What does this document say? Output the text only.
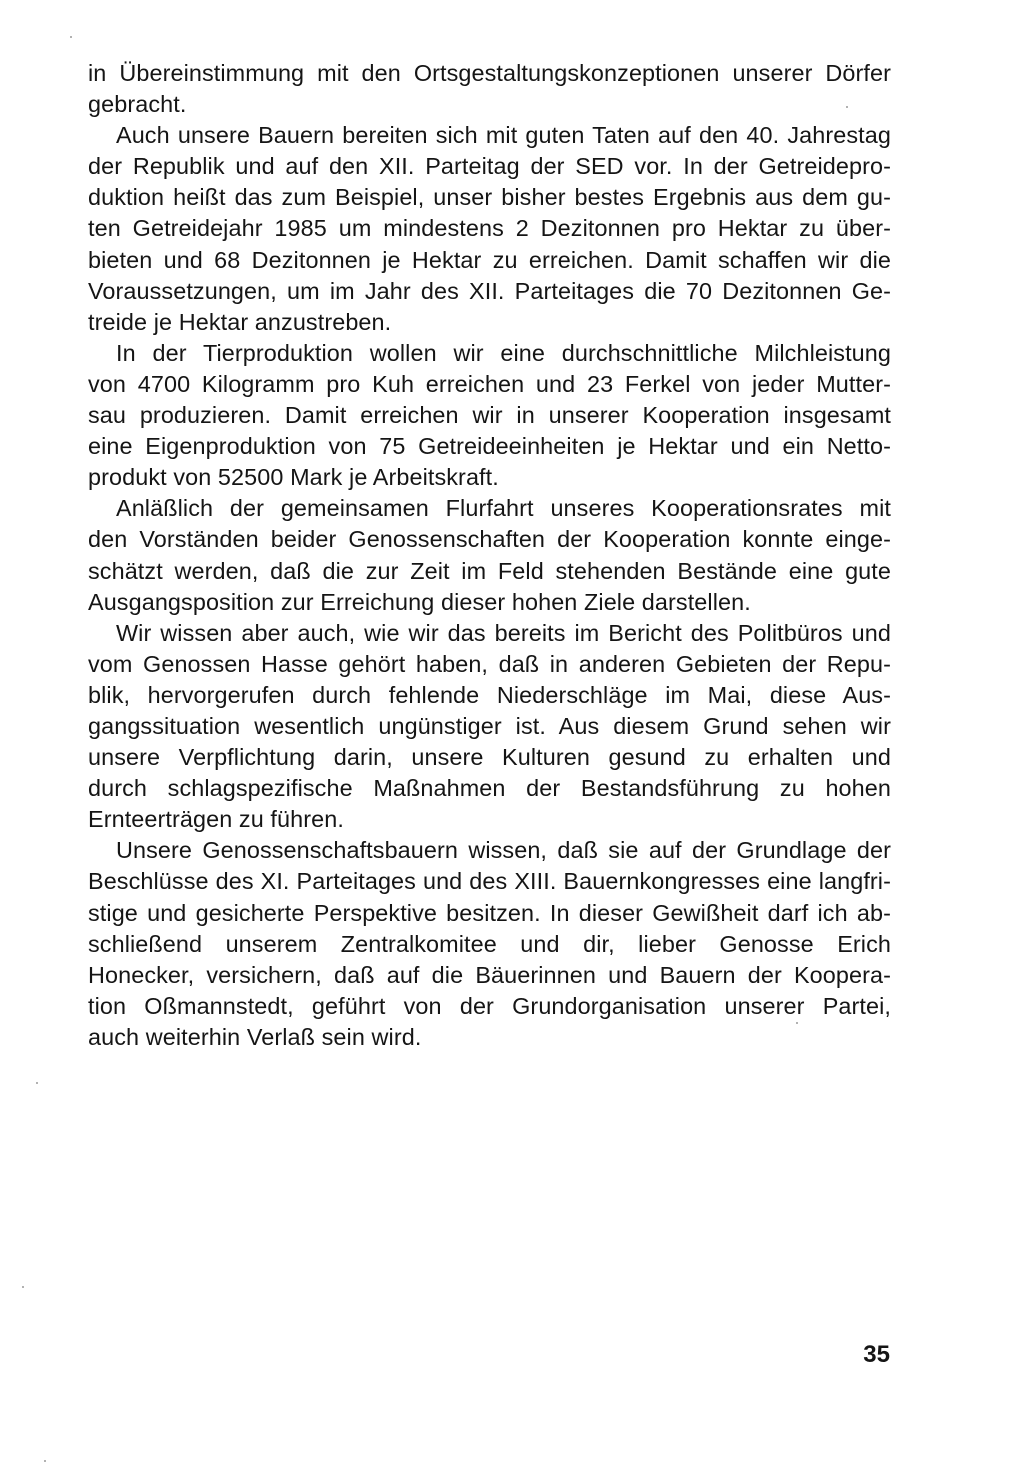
in Übereinstimmung mit den Ortsgestaltungskonzeptionen unserer Dörfer
gebracht.
Auch unsere Bauern bereiten sich mit guten Taten auf den 40. Jahrestag
der Republik und auf den XII. Parteitag der SED vor. In der Getreidepro-
duktion heißt das zum Beispiel, unser bisher bestes Ergebnis aus dem gu-
ten Getreidejahr 1985 um mindestens 2 Dezitonnen pro Hektar zu über-
bieten und 68 Dezitonnen je Hektar zu erreichen. Damit schaffen wir die
Voraussetzungen, um im Jahr des XII. Parteitages die 70 Dezitonnen Ge-
treide je Hektar anzustreben.
In der Tierproduktion wollen wir eine durchschnittliche Milchleistung
von 4700 Kilogramm pro Kuh erreichen und 23 Ferkel von jeder Mutter-
sau produzieren. Damit erreichen wir in unserer Kooperation insgesamt
eine Eigenproduktion von 75 Getreideeinheiten je Hektar und ein Netto-
produkt von 52500 Mark je Arbeitskraft.
Anläßlich der gemeinsamen Flurfahrt unseres Kooperationsrates mit
den Vorständen beider Genossenschaften der Kooperation konnte einge-
schätzt werden, daß die zur Zeit im Feld stehenden Bestände eine gute
Ausgangsposition zur Erreichung dieser hohen Ziele darstellen.
Wir wissen aber auch, wie wir das bereits im Bericht des Politbüros und
vom Genossen Hasse gehört haben, daß in anderen Gebieten der Repu-
blik, hervorgerufen durch fehlende Niederschläge im Mai, diese Aus-
gangssituation wesentlich ungünstiger ist. Aus diesem Grund sehen wir
unsere Verpflichtung darin, unsere Kulturen gesund zu erhalten und
durch schlagspezifische Maßnahmen der Bestandsführung zu hohen
Ernteerträgen zu führen.
Unsere Genossenschaftsbauern wissen, daß sie auf der Grundlage der
Beschlüsse des XI. Parteitages und des XIII. Bauernkongresses eine langfri-
stige und gesicherte Perspektive besitzen. In dieser Gewißheit darf ich ab-
schließend unserem Zentralkomitee und dir, lieber Genosse Erich
Honecker, versichern, daß auf die Bäuerinnen und Bauern der Koopera-
tion Oßmannstedt, geführt von der Grundorganisation unserer Partei,
auch weiterhin Verlaß sein wird.
35
